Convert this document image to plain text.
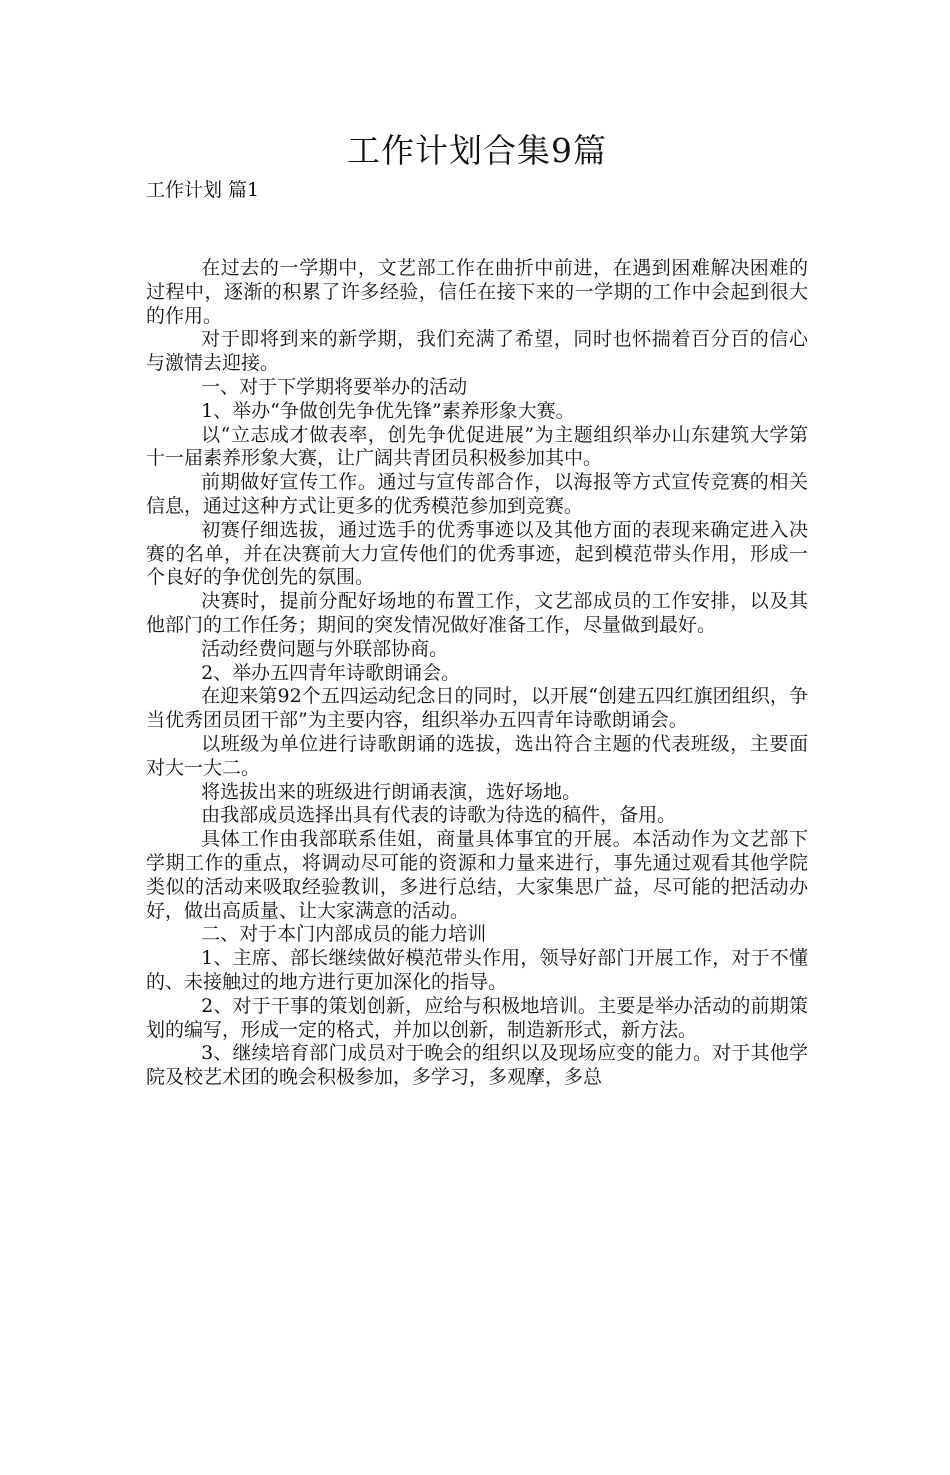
工作计划合集9篇
工作计划 篇1

在过去的一学期中，文艺部工作在曲折中前进，在遇到困难解决困难的过程中，逐渐的积累了许多经验，信任在接下来的一学期的工作中会起到很大的作用。

对于即将到来的新学期，我们充满了希望，同时也怀揣着百分百的信心与激情去迎接。

一、对于下学期将要举办的活动

1、举办“争做创先争优先锋”素养形象大赛。

以“立志成才做表率，创先争优促进展”为主题组织举办山东建筑大学第十一届素养形象大赛，让广阔共青团员积极参加其中。

前期做好宣传工作。通过与宣传部合作，以海报等方式宣传竞赛的相关信息，通过这种方式让更多的优秀模范参加到竞赛。

初赛仔细选拔，通过选手的优秀事迹以及其他方面的表现来确定进入决赛的名单，并在决赛前大力宣传他们的优秀事迹，起到模范带头作用，形成一个良好的争优创先的氛围。

决赛时，提前分配好场地的布置工作，文艺部成员的工作安排，以及其他部门的工作任务；期间的突发情况做好准备工作，尽量做到最好。

活动经费问题与外联部协商。

2、举办五四青年诗歌朗诵会。

在迎来第92个五四运动纪念日的同时，以开展“创建五四红旗团组织，争当优秀团员团干部”为主要内容，组织举办五四青年诗歌朗诵会。

以班级为单位进行诗歌朗诵的选拔，选出符合主题的代表班级，主要面对大一大二。

将选拔出来的班级进行朗诵表演，选好场地。

由我部成员选择出具有代表的诗歌为待选的稿件，备用。

具体工作由我部联系佳姐，商量具体事宜的开展。本活动作为文艺部下学期工作的重点，将调动尽可能的资源和力量来进行，事先通过观看其他学院类似的活动来吸取经验教训，多进行总结，大家集思广益，尽可能的把活动办好，做出高质量、让大家满意的活动。

二、对于本门内部成员的能力培训

1、主席、部长继续做好模范带头作用，领导好部门开展工作，对于不懂的、未接触过的地方进行更加深化的指导。

2、对于干事的策划创新，应给与积极地培训。主要是举办活动的前期策划的编写，形成一定的格式，并加以创新，制造新形式，新方法。

3、继续培育部门成员对于晚会的组织以及现场应变的能力。对于其他学院及校艺术团的晚会积极参加，多学习，多观摩，多总
